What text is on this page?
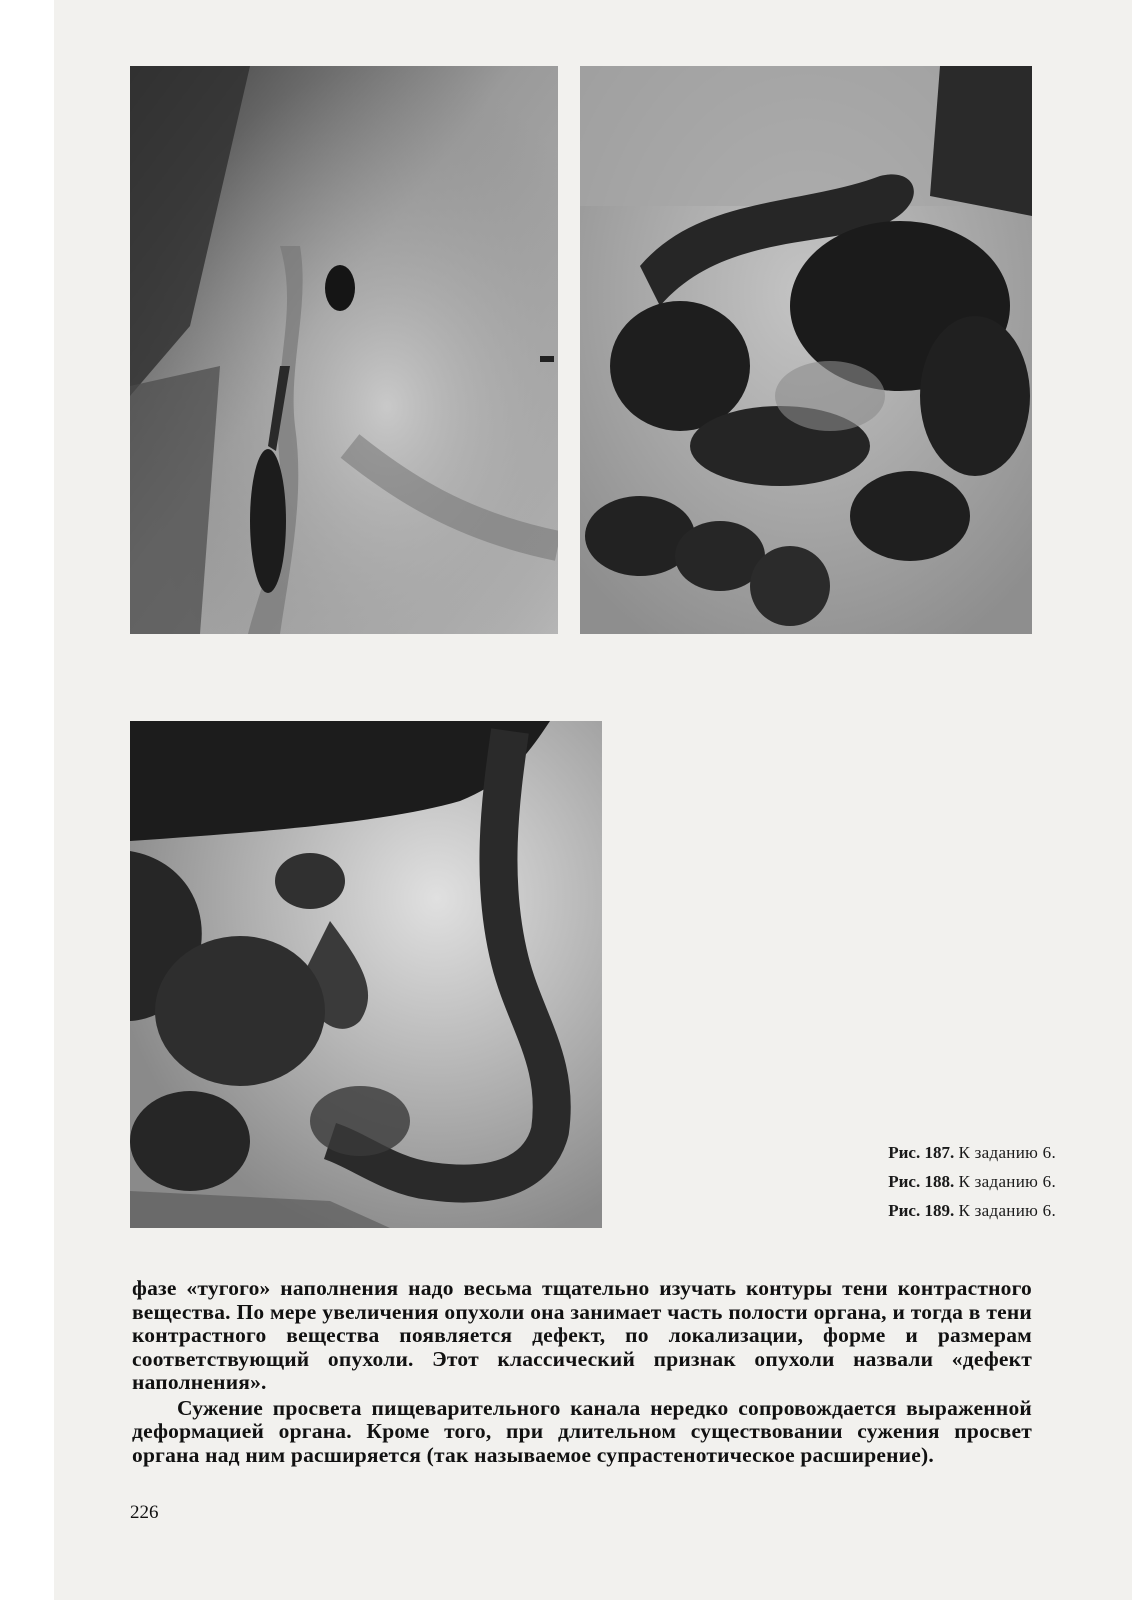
Рис. 187. К заданию 6.
Рис. 188. К заданию 6.
Рис. 189. К заданию 6.

фазе «тугого» наполнения надо весьма тщательно изучать контуры тени контрастного вещества. По мере увеличения опухоли она занимает часть полости органа, и тогда в тени контрастного вещества появляется дефект, по локализации, форме и размерам соответствующий опухоли. Этот классический признак опухоли назвали «дефект наполнения».

Сужение просвета пищеварительного канала нередко сопровождается выраженной деформацией органа. Кроме того, при длительном существовании сужения просвет органа над ним расширяется (так называемое супрастенотическое расширение).

226
